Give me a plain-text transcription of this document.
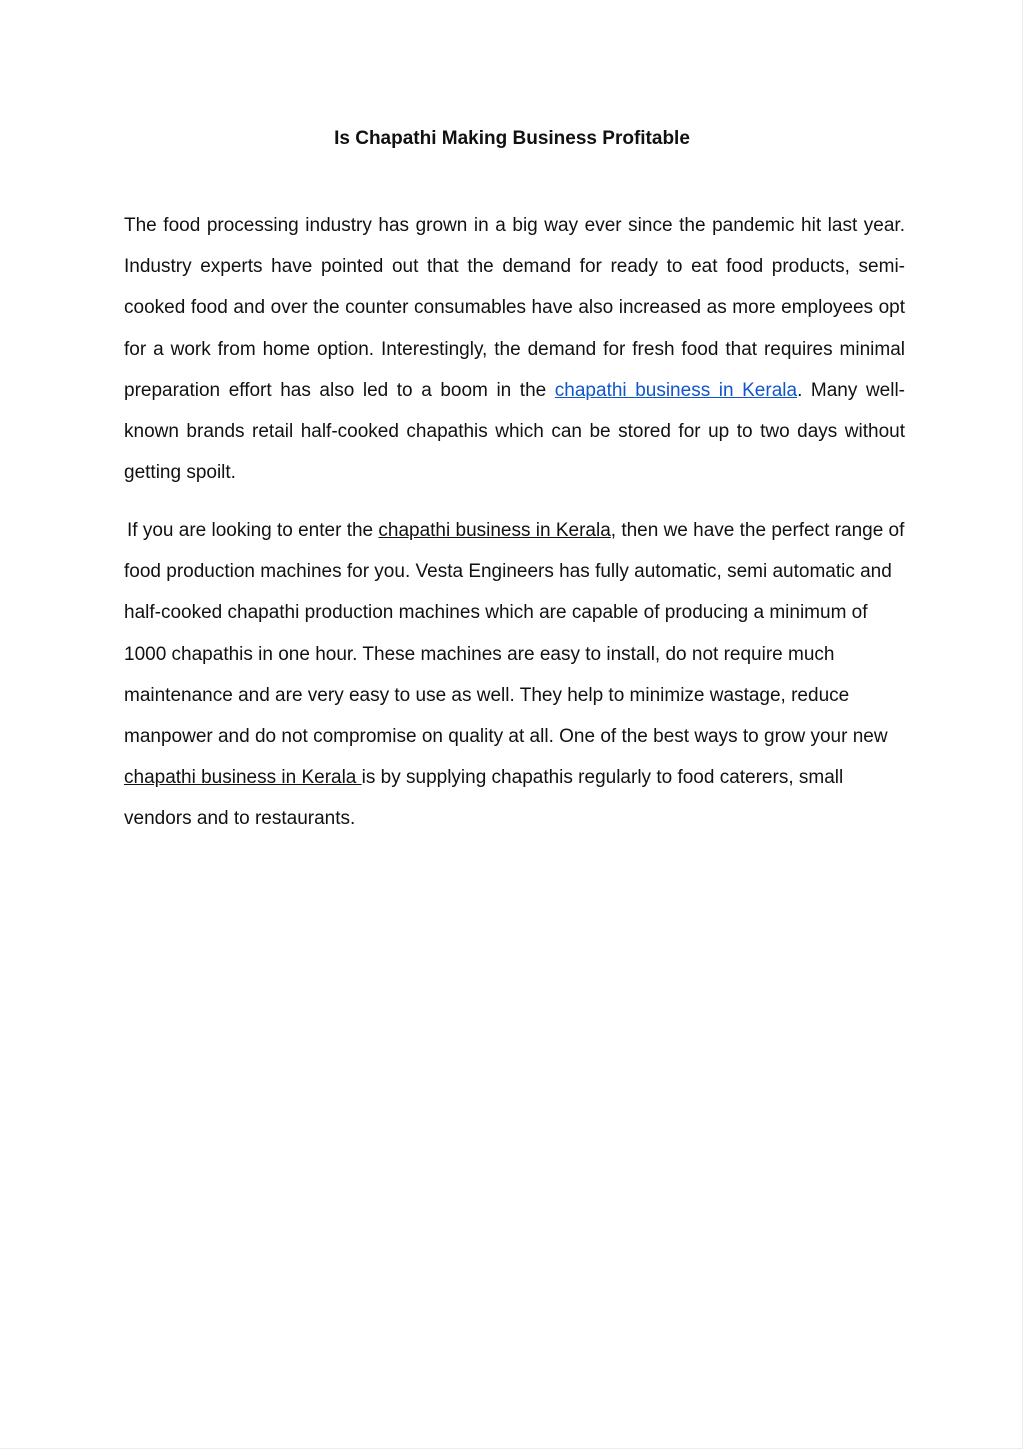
Is Chapathi Making Business Profitable

The food processing industry has grown in a big way ever since the pandemic hit last year. Industry experts have pointed out that the demand for ready to eat food products, semi- cooked food and over the counter consumables have also increased as more employees opt for a work from home option. Interestingly, the demand for fresh food that requires minimal preparation effort has also led to a boom in the chapathi business in Kerala. Many well-known brands retail half-cooked chapathis which can be stored for up to two days without getting spoilt.

If you are looking to enter the chapathi business in Kerala, then we have the perfect range of food production machines for you. Vesta Engineers has fully automatic, semi automatic and half-cooked chapathi production machines which are capable of producing a minimum of 1000 chapathis in one hour. These machines are easy to install, do not require much maintenance and are very easy to use as well. They help to minimize wastage, reduce manpower and do not compromise on quality at all. One of the best ways to grow your new chapathi business in Kerala is by supplying chapathis regularly to food caterers, small vendors and to restaurants.
